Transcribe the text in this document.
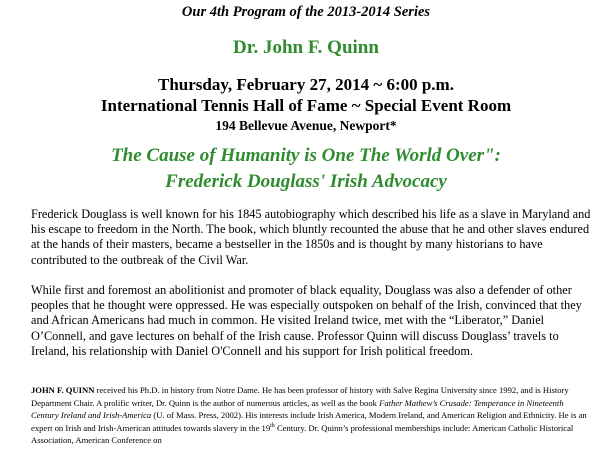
Our 4th Program of the 2013-2014 Series
Dr. John F. Quinn
Thursday, February 27, 2014 ~ 6:00 p.m.
International Tennis Hall of Fame ~ Special Event Room
194 Bellevue Avenue, Newport*
The Cause of Humanity is One The World Over":
Frederick Douglass' Irish Advocacy
Frederick Douglass is well known for his 1845 autobiography which described his life as a slave in Maryland and his escape to freedom in the North. The book, which bluntly recounted the abuse that he and other slaves endured at the hands of their masters, became a bestseller in the 1850s and is thought by many historians to have contributed to the outbreak of the Civil War.
While first and foremost an abolitionist and promoter of black equality, Douglass was also a defender of other peoples that he thought were oppressed. He was especially outspoken on behalf of the Irish, convinced that they and African Americans had much in common. He visited Ireland twice, met with the “Liberator,” Daniel O’Connell, and gave lectures on behalf of the Irish cause. Professor Quinn will discuss Douglass’ travels to Ireland, his relationship with Daniel O'Connell and his support for Irish political freedom.
JOHN F. QUINN received his Ph.D. in history from Notre Dame. He has been professor of history with Salve Regina University since 1992, and is History Department Chair. A prolific writer, Dr. Quinn is the author of numerous articles, as well as the book Father Mathew’s Crusade: Temperance in Nineteenth Century Ireland and Irish-America (U. of Mass. Press, 2002). His interests include Irish America, Modern Ireland, and American Religion and Ethnicity. He is an expert on Irish and Irish-American attitudes towards slavery in the 19th Century. Dr. Quinn’s professional memberships include: American Catholic Historical Association, American Conference on
